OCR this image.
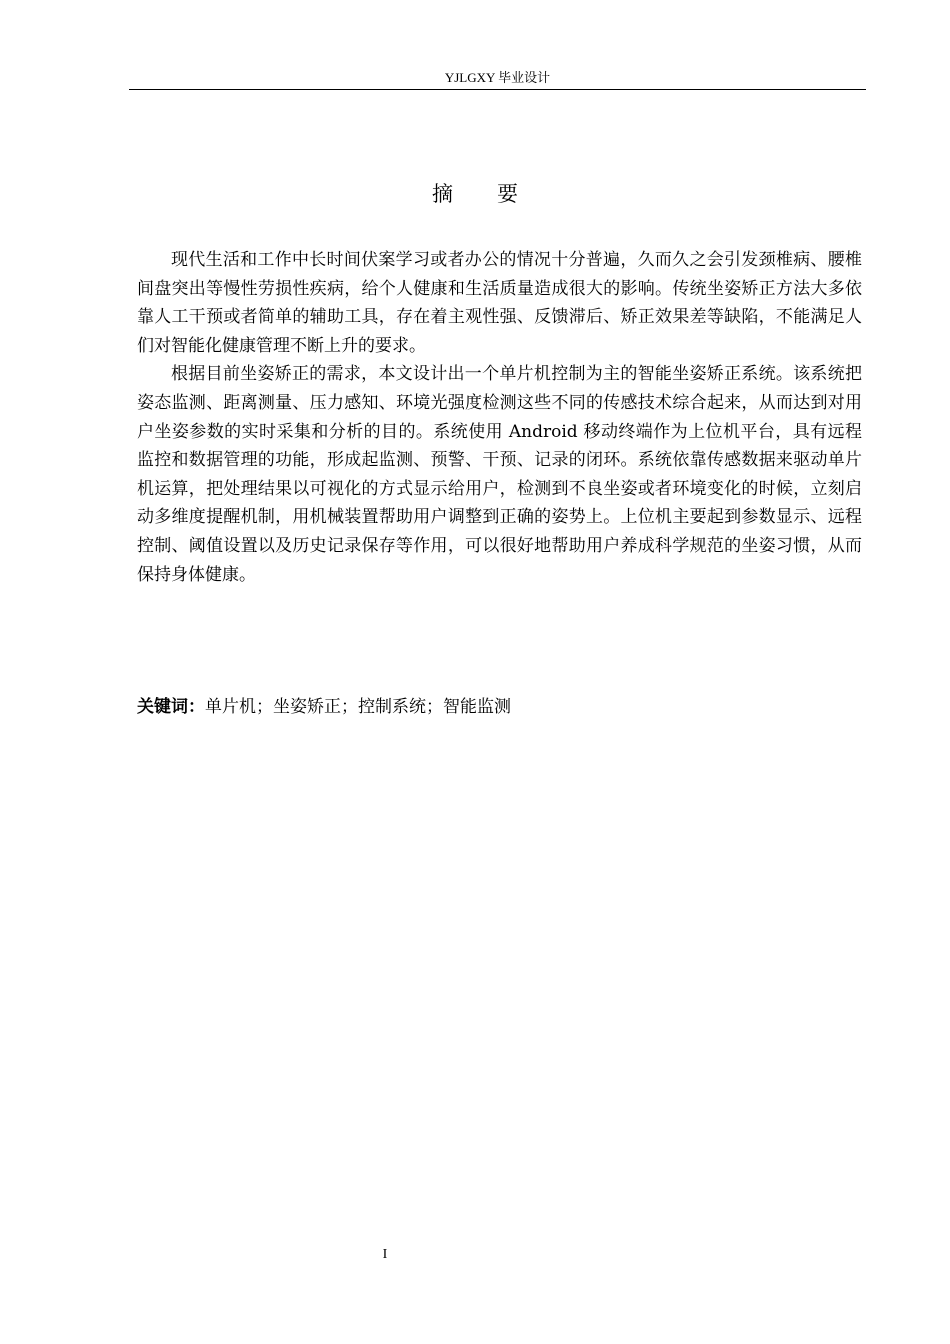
YJLGXY 毕业设计
摘要

现代生活和工作中长时间伏案学习或者办公的情况十分普遍，久而久之会引发颈椎病、腰椎间盘突出等慢性劳损性疾病，给个人健康和生活质量造成很大的影响。传统坐姿矫正方法大多依靠人工干预或者简单的辅助工具，存在着主观性强、反馈滞后、矫正效果差等缺陷，不能满足人们对智能化健康管理不断上升的要求。

根据目前坐姿矫正的需求，本文设计出一个单片机控制为主的智能坐姿矫正系统。该系统把姿态监测、距离测量、压力感知、环境光强度检测这些不同的传感技术综合起来，从而达到对用户坐姿参数的实时采集和分析的目的。系统使用 Android 移动终端作为上位机平台，具有远程监控和数据管理的功能，形成起监测、预警、干预、记录的闭环。系统依靠传感数据来驱动单片机运算，把处理结果以可视化的方式显示给用户，检测到不良坐姿或者环境变化的时候，立刻启动多维度提醒机制，用机械装置帮助用户调整到正确的姿势上。上位机主要起到参数显示、远程控制、阈值设置以及历史记录保存等作用，可以很好地帮助用户养成科学规范的坐姿习惯，从而保持身体健康。

关键词：单片机；坐姿矫正；控制系统；智能监测
I
